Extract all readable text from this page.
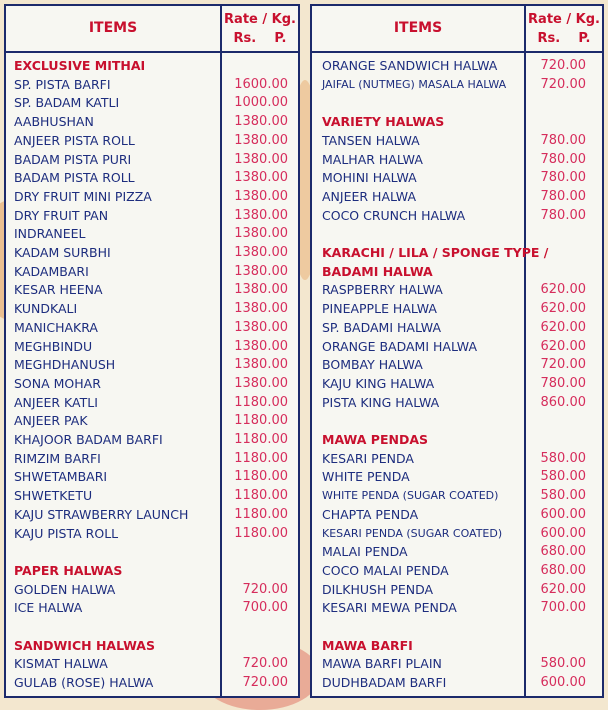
ITEMS
Rate / Kg.
Rs. P.
EXCLUSIVE MITHAI
SP. PISTA BARFI	1600.00
SP. BADAM KATLI	1000.00
AABHUSHAN	1380.00
ANJEER PISTA ROLL	1380.00
BADAM PISTA PURI	1380.00
BADAM PISTA ROLL	1380.00
DRY FRUIT MINI PIZZA	1380.00
DRY FRUIT PAN	1380.00
INDRANEEL	1380.00
KADAM SURBHI	1380.00
KADAMBARI	1380.00
KESAR HEENA	1380.00
KUNDKALI	1380.00
MANICHAKRA	1380.00
MEGHBINDU	1380.00
MEGHDHANUSH	1380.00
SONA MOHAR	1380.00
ANJEER KATLI	1180.00
ANJEER PAK	1180.00
KHAJOOR BADAM BARFI	1180.00
RIMZIM BARFI	1180.00
SHWETAMBARI	1180.00
SHWETKETU	1180.00
KAJU STRAWBERRY LAUNCH	1180.00
KAJU PISTA ROLL	1180.00
PAPER HALWAS
GOLDEN HALWA	720.00
ICE HALWA	700.00
SANDWICH HALWAS
KISMAT HALWA	720.00
GULAB (ROSE) HALWA	720.00
ITEMS
Rate / Kg.
Rs. P.
ORANGE SANDWICH HALWA	720.00
JAIFAL (NUTMEG) MASALA HALWA	720.00
VARIETY HALWAS
TANSEN HALWA	780.00
MALHAR HALWA	780.00
MOHINI HALWA	780.00
ANJEER HALWA	780.00
COCO CRUNCH HALWA	780.00
KARACHI / LILA / SPONGE TYPE /
BADAMI HALWA
RASPBERRY HALWA	620.00
PINEAPPLE HALWA	620.00
SP. BADAMI HALWA	620.00
ORANGE BADAMI HALWA	620.00
BOMBAY HALWA	720.00
KAJU KING HALWA	780.00
PISTA KING HALWA	860.00
MAWA PENDAS
KESARI PENDA	580.00
WHITE PENDA	580.00
WHITE PENDA (SUGAR COATED)	580.00
CHAPTA PENDA	600.00
KESARI PENDA (SUGAR COATED)	600.00
MALAI PENDA	680.00
COCO MALAI PENDA	680.00
DILKHUSH PENDA	620.00
KESARI MEWA PENDA	700.00
MAWA BARFI
MAWA BARFI PLAIN	580.00
DUDHBADAM BARFI	600.00
